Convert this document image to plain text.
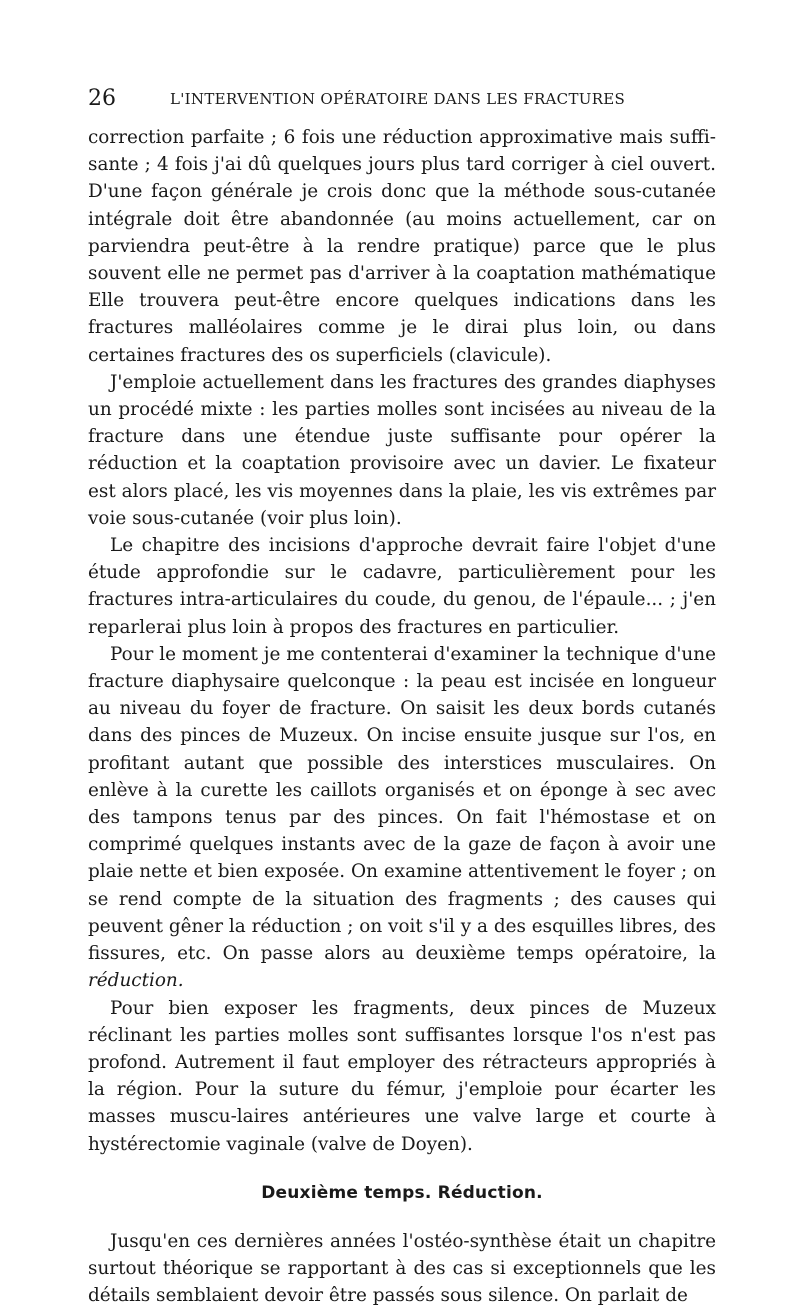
26	L'INTERVENTION OPÉRATOIRE DANS LES FRACTURES

correction parfaite ; 6 fois une réduction approximative mais suffi-sante ; 4 fois j'ai dû quelques jours plus tard corriger à ciel ouvert. D'une façon générale je crois donc que la méthode sous-cutanée intégrale doit être abandonnée (au moins actuellement, car on parviendra peut-être à la rendre pratique) parce que le plus souvent elle ne permet pas d'arriver à la coaptation mathématique Elle trouvera peut-être encore quelques indications dans les fractures malléolaires comme je le dirai plus loin, ou dans certaines fractures des os superficiels (clavicule).

J'emploie actuellement dans les fractures des grandes diaphyses un procédé mixte : les parties molles sont incisées au niveau de la fracture dans une étendue juste suffisante pour opérer la réduction et la coaptation provisoire avec un davier. Le fixateur est alors placé, les vis moyennes dans la plaie, les vis extrêmes par voie sous-cutanée (voir plus loin).

Le chapitre des incisions d'approche devrait faire l'objet d'une étude approfondie sur le cadavre, particulièrement pour les fractures intra-articulaires du coude, du genou, de l'épaule... ; j'en reparlerai plus loin à propos des fractures en particulier.

Pour le moment je me contenterai d'examiner la technique d'une fracture diaphysaire quelconque : la peau est incisée en longueur au niveau du foyer de fracture. On saisit les deux bords cutanés dans des pinces de Muzeux. On incise ensuite jusque sur l'os, en profitant autant que possible des interstices musculaires. On enlève à la curette les caillots organisés et on éponge à sec avec des tampons tenus par des pinces. On fait l'hémostase et on comprimé quelques instants avec de la gaze de façon à avoir une plaie nette et bien exposée. On examine attentivement le foyer ; on se rend compte de la situation des fragments ; des causes qui peuvent gêner la réduction ; on voit s'il y a des esquilles libres, des fissures, etc. On passe alors au deuxième temps opératoire, la réduction.

Pour bien exposer les fragments, deux pinces de Muzeux réclinant les parties molles sont suffisantes lorsque l'os n'est pas profond. Autrement il faut employer des rétracteurs appropriés à la région. Pour la suture du fémur, j'emploie pour écarter les masses muscu-laires antérieures une valve large et courte à hystérectomie vaginale (valve de Doyen).

Deuxième temps. Réduction.

Jusqu'en ces dernières années l'ostéo-synthèse était un chapitre surtout théorique se rapportant à des cas si exceptionnels que les détails semblaient devoir être passés sous silence. On parlait de
